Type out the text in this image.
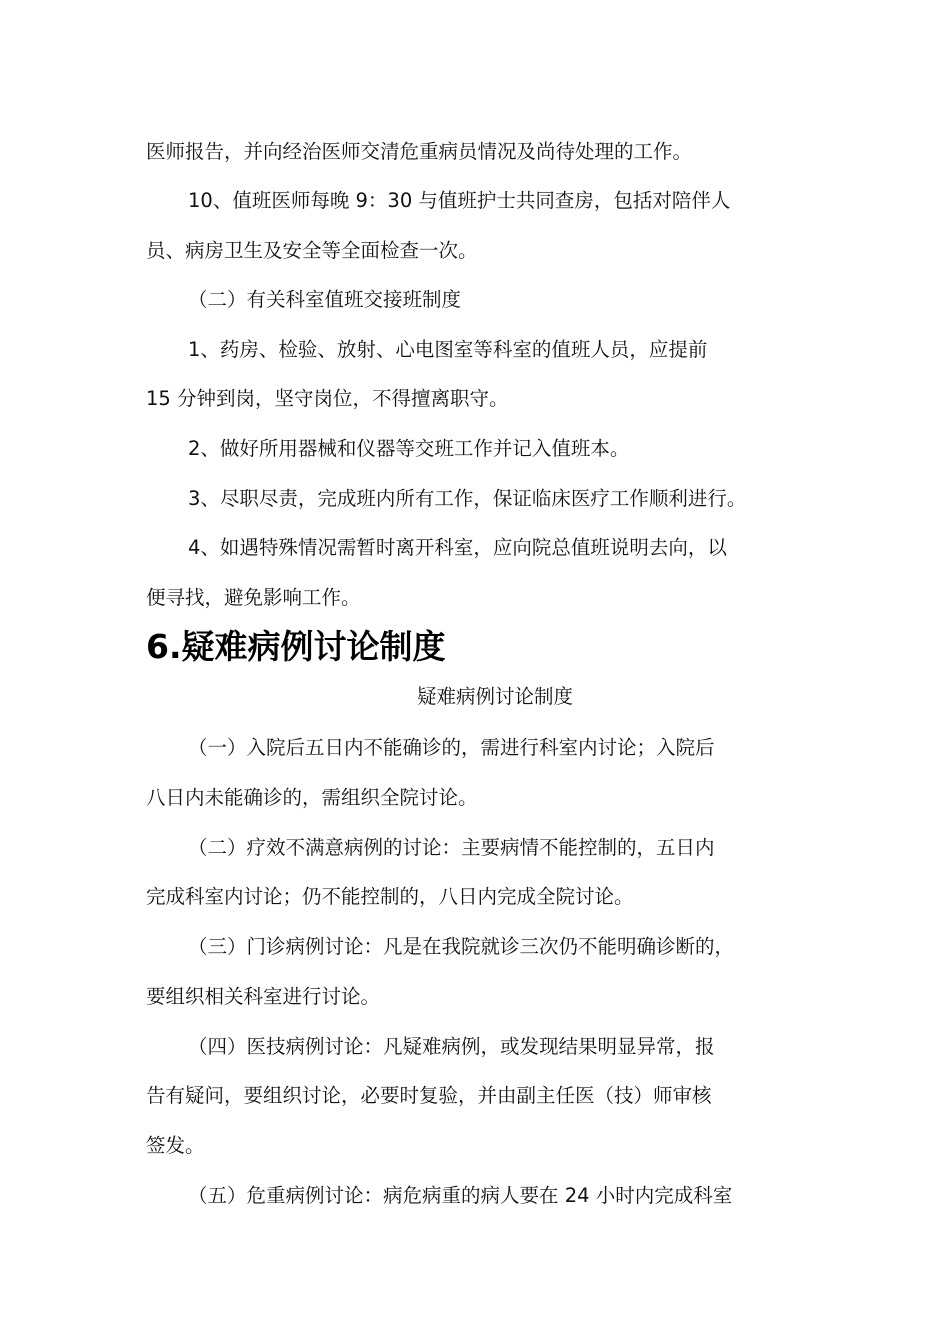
医师报告，并向经治医师交清危重病员情况及尚待处理的工作。
10、值班医师每晚 9：30 与值班护士共同查房，包括对陪伴人
员、病房卫生及安全等全面检查一次。
（二）有关科室值班交接班制度
1、药房、检验、放射、心电图室等科室的值班人员，应提前
15 分钟到岗，坚守岗位，不得擅离职守。
2、做好所用器械和仪器等交班工作并记入值班本。
3、尽职尽责，完成班内所有工作，保证临床医疗工作顺利进行。
4、如遇特殊情况需暂时离开科室，应向院总值班说明去向，以
便寻找，避免影响工作。
6.疑难病例讨论制度
疑难病例讨论制度
（一）入院后五日内不能确诊的，需进行科室内讨论；入院后
八日内未能确诊的，需组织全院讨论。
（二）疗效不满意病例的讨论：主要病情不能控制的，五日内
完成科室内讨论；仍不能控制的，八日内完成全院讨论。
（三）门诊病例讨论：凡是在我院就诊三次仍不能明确诊断的，
要组织相关科室进行讨论。
（四）医技病例讨论：凡疑难病例，或发现结果明显异常，报
告有疑问，要组织讨论，必要时复验，并由副主任医（技）师审核
签发。
（五）危重病例讨论：病危病重的病人要在 24 小时内完成科室
